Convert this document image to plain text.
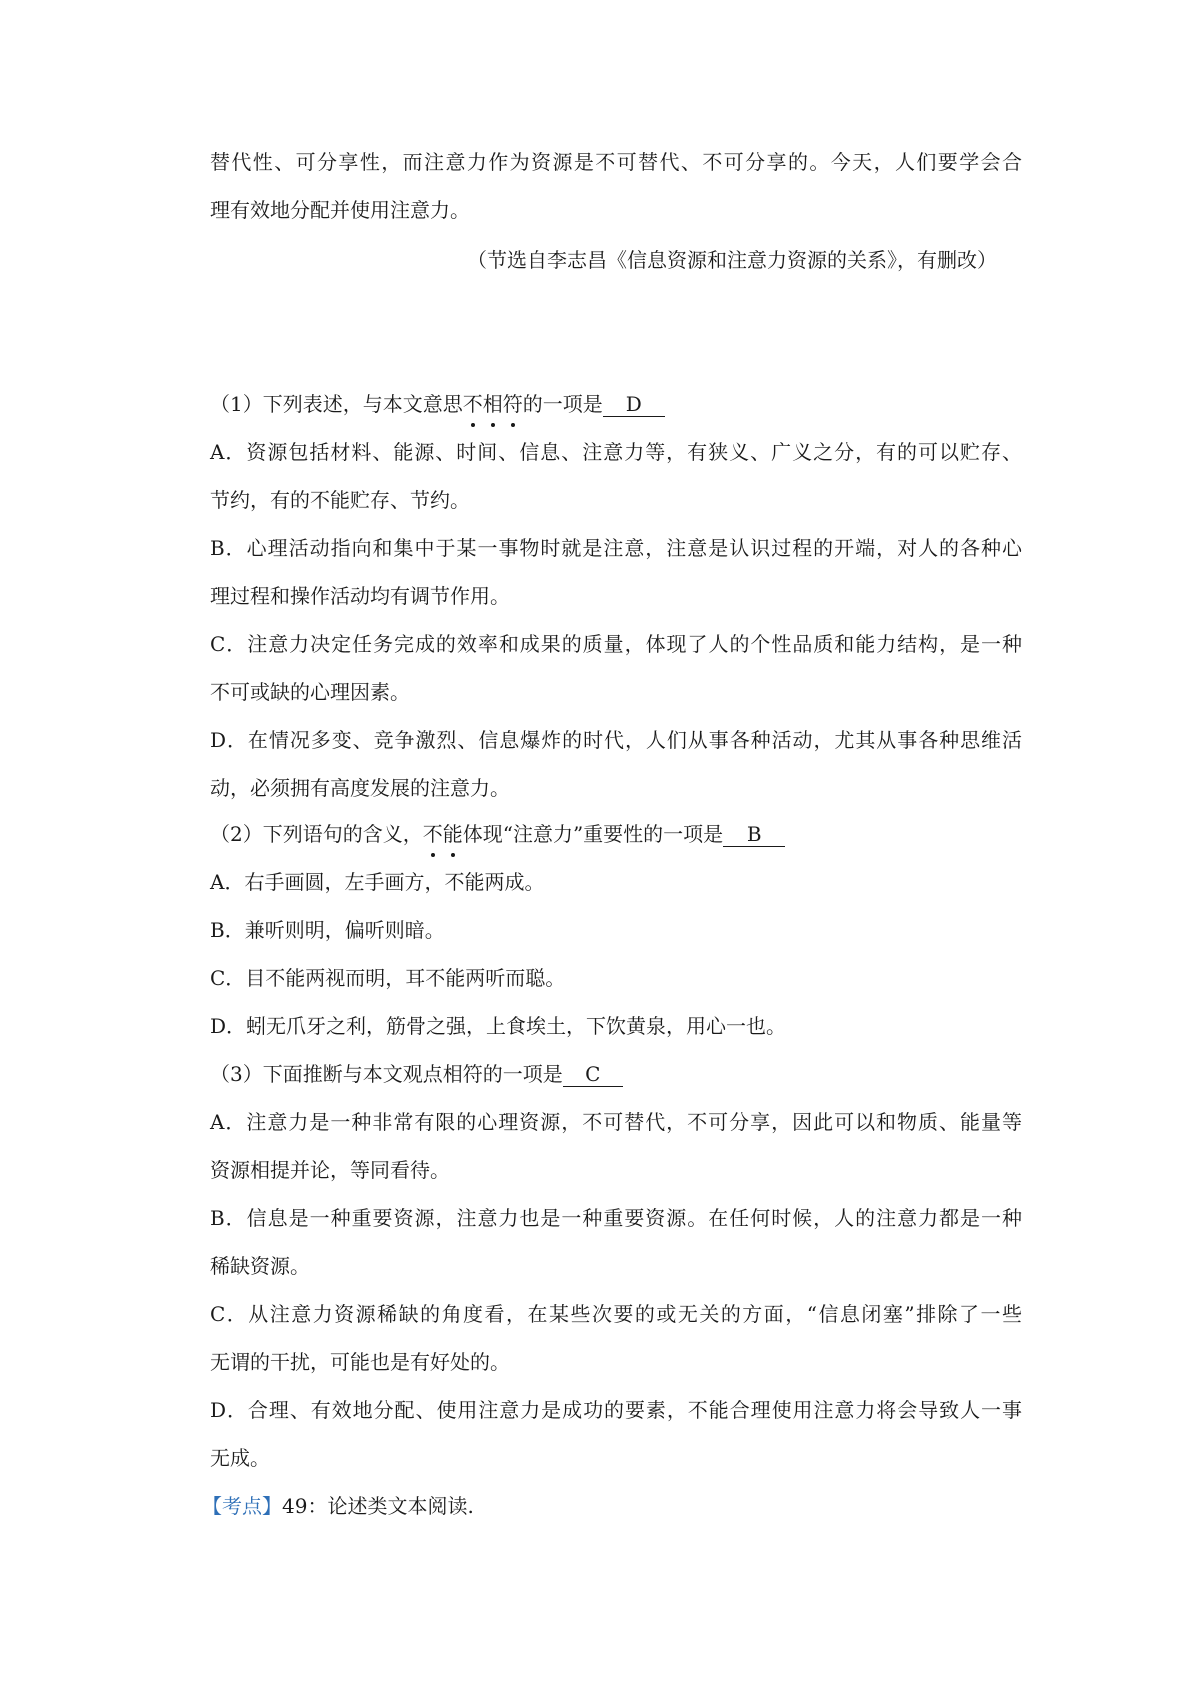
替代性、可分享性，而注意力作为资源是不可替代、不可分享的。今天，人们要学会合
理有效地分配并使用注意力。
（节选自李志昌《信息资源和注意力资源的关系》，有删改）
（1）下列表述，与本文意思不相符的一项是 D
A．资源包括材料、能源、时间、信息、注意力等，有狭义、广义之分，有的可以贮存、
节约，有的不能贮存、节约。
B．心理活动指向和集中于某一事物时就是注意，注意是认识过程的开端，对人的各种心
理过程和操作活动均有调节作用。
C．注意力决定任务完成的效率和成果的质量，体现了人的个性品质和能力结构，是一种
不可或缺的心理因素。
D．在情况多变、竞争激烈、信息爆炸的时代，人们从事各种活动，尤其从事各种思维活
动，必须拥有高度发展的注意力。
（2）下列语句的含义，不能体现“注意力”重要性的一项是 B
A．右手画圆，左手画方，不能两成。
B．兼听则明，偏听则暗。
C．目不能两视而明，耳不能两听而聪。
D．蚓无爪牙之利，筋骨之强，上食埃土，下饮黄泉，用心一也。
（3）下面推断与本文观点相符的一项是 C
A．注意力是一种非常有限的心理资源，不可替代，不可分享，因此可以和物质、能量等
资源相提并论，等同看待。
B．信息是一种重要资源，注意力也是一种重要资源。在任何时候，人的注意力都是一种
稀缺资源。
C．从注意力资源稀缺的角度看，在某些次要的或无关的方面，“信息闭塞”排除了一些
无谓的干扰，可能也是有好处的。
D．合理、有效地分配、使用注意力是成功的要素，不能合理使用注意力将会导致人一事
无成。
【考点】49：论述类文本阅读.
